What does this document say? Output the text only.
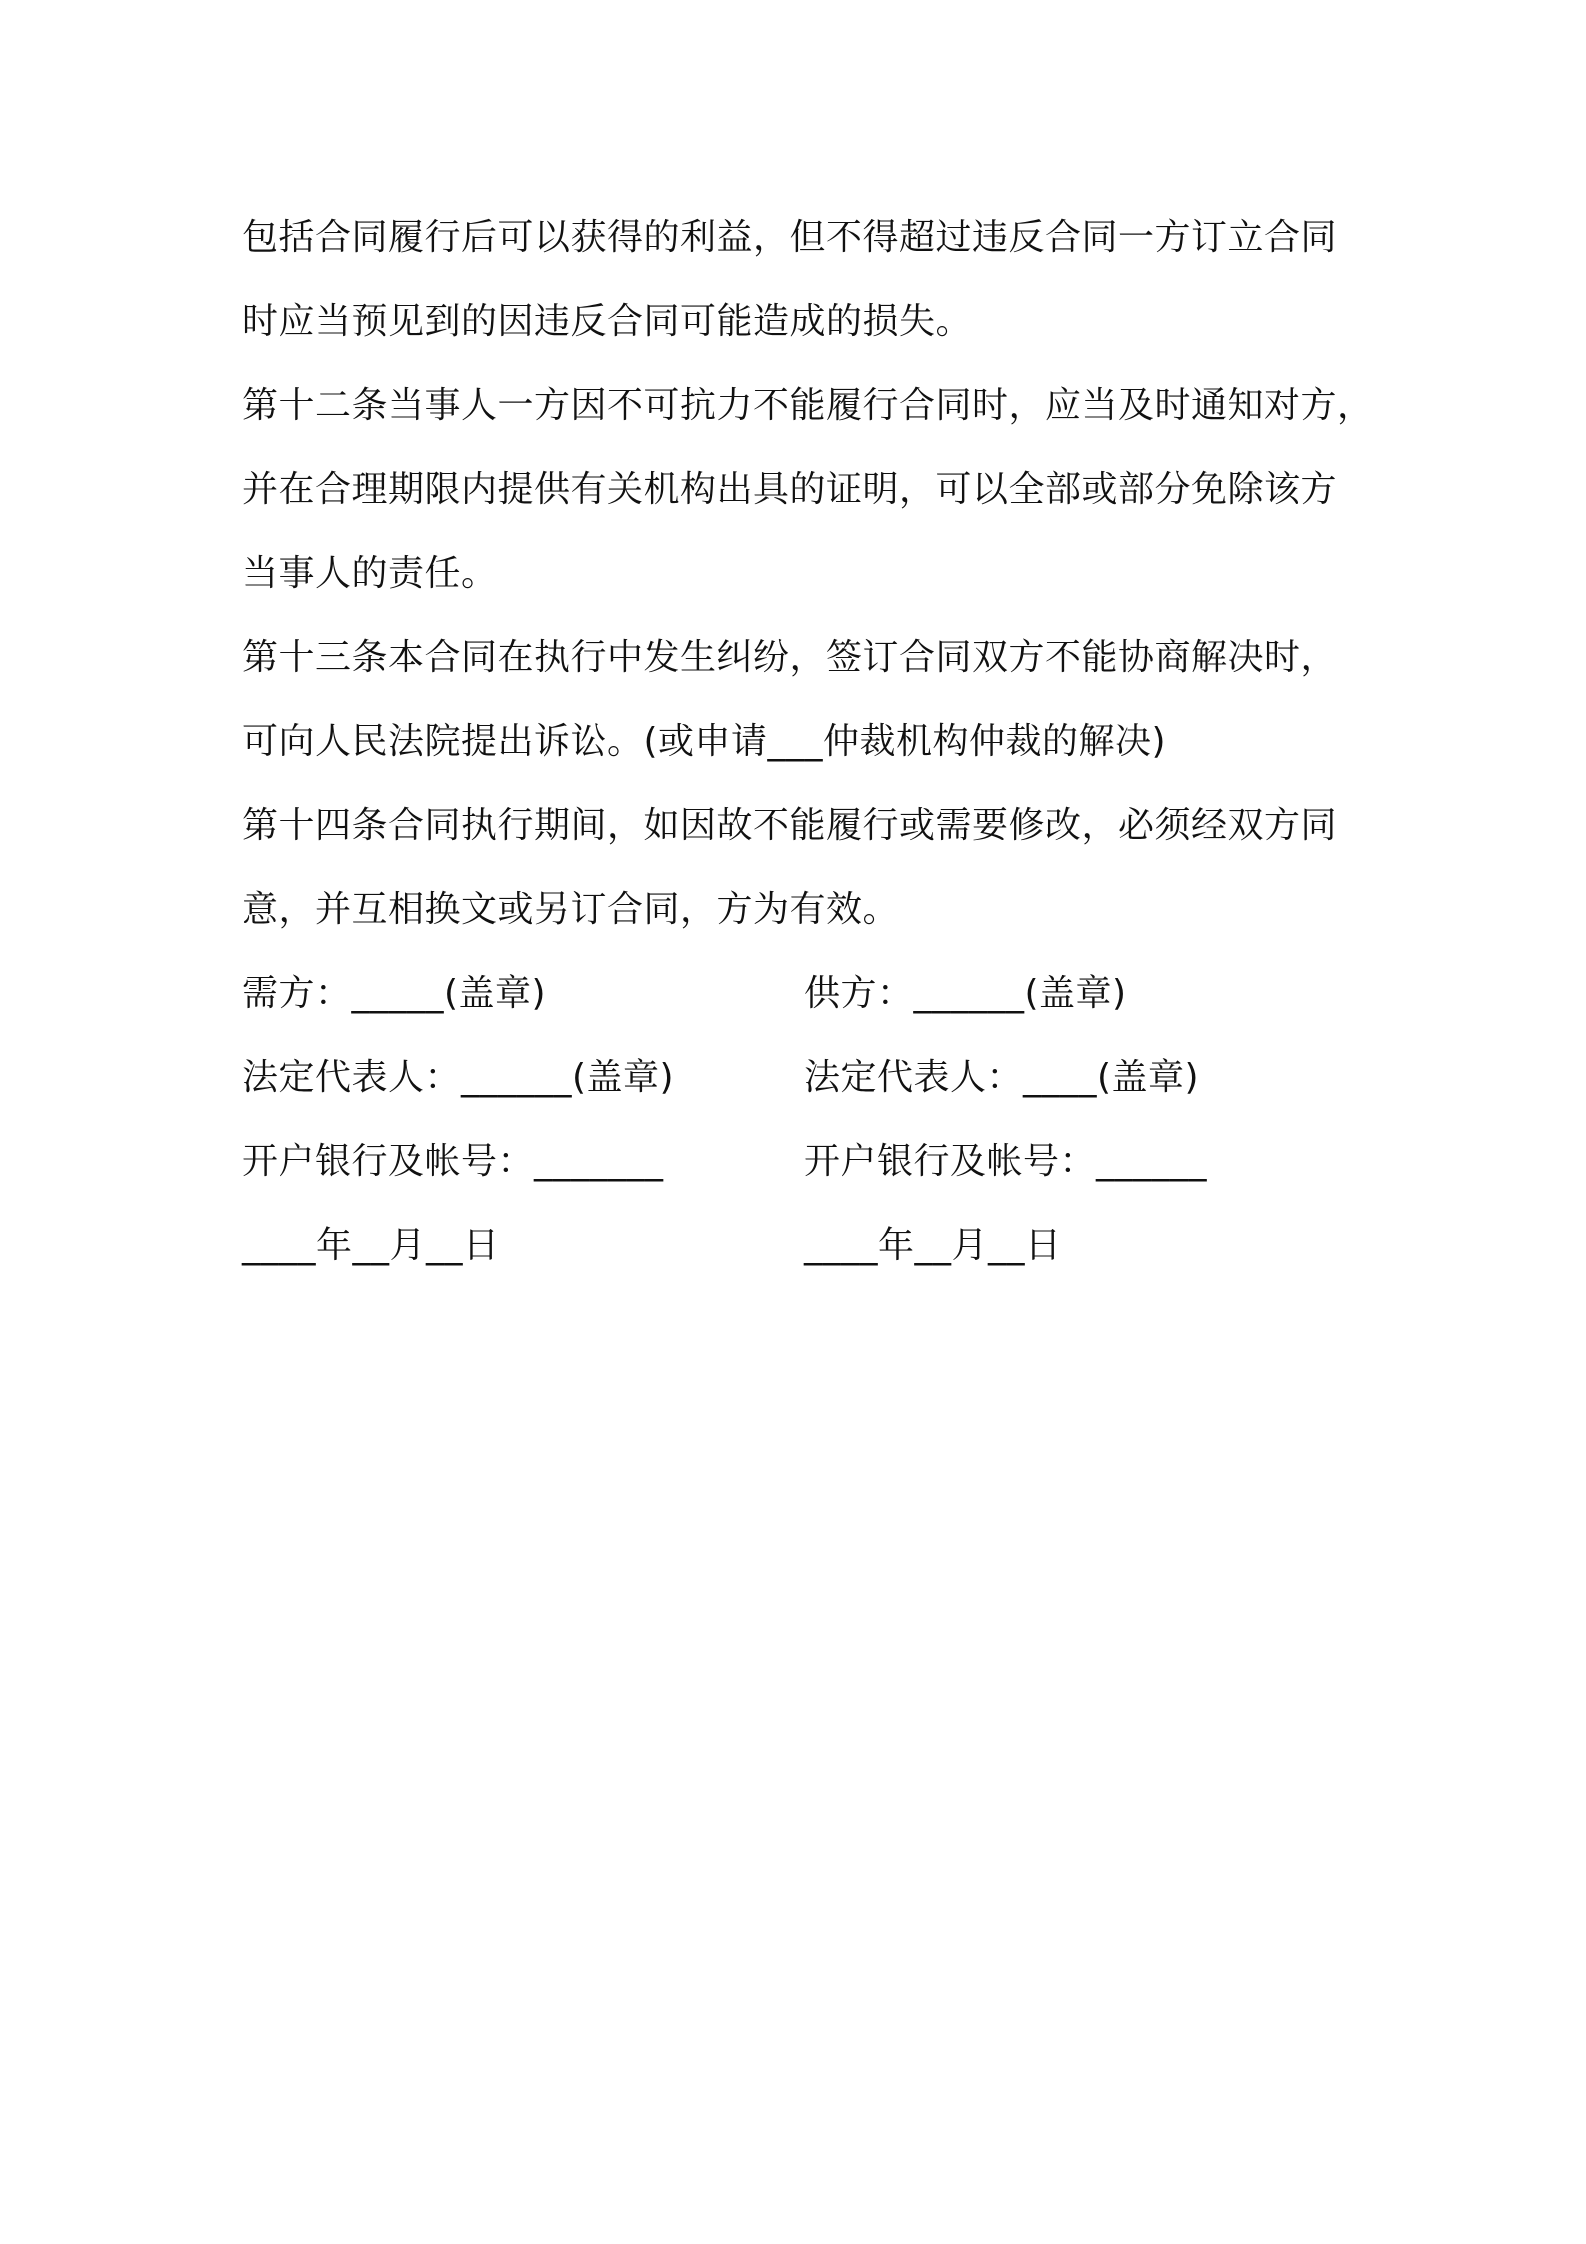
包括合同履行后可以获得的利益，但不得超过违反合同一方订立合同
时应当预见到的因违反合同可能造成的损失。
第十二条当事人一方因不可抗力不能履行合同时，应当及时通知对方，
并在合理期限内提供有关机构出具的证明，可以全部或部分免除该方
当事人的责任。
第十三条本合同在执行中发生纠纷，签订合同双方不能协商解决时，
可向人民法院提出诉讼。(或申请___仲裁机构仲裁的解决)
第十四条合同执行期间，如因故不能履行或需要修改，必须经双方同
意，并互相换文或另订合同，方为有效。
需方：_____(盖章)	供方：______(盖章)
法定代表人：______(盖章)	法定代表人：____(盖章)
开户银行及帐号：_______	开户银行及帐号：______
____年__月__日	____年__月__日
